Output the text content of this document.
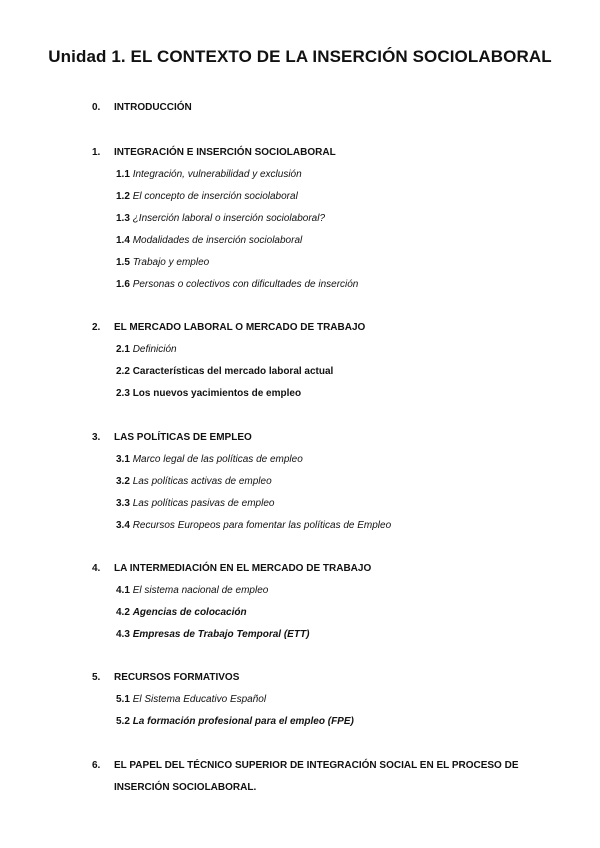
Unidad 1. EL CONTEXTO DE LA INSERCIÓN SOCIOLABORAL
0.	INTRODUCCIÓN
1.	INTEGRACIÓN E INSERCIÓN SOCIOLABORAL
1.1 Integración, vulnerabilidad y exclusión
1.2 El concepto de inserción sociolaboral
1.3 ¿Inserción laboral o inserción sociolaboral?
1.4 Modalidades de inserción sociolaboral
1.5 Trabajo y empleo
1.6 Personas o colectivos con dificultades de inserción
2.	EL MERCADO LABORAL O MERCADO DE TRABAJO
2.1 Definición
2.2 Características del mercado laboral actual
2.3 Los nuevos yacimientos de empleo
3.	LAS POLÍTICAS DE EMPLEO
3.1 Marco legal de las políticas de empleo
3.2 Las políticas activas de empleo
3.3 Las políticas pasivas de empleo
3.4 Recursos Europeos para fomentar las políticas de Empleo
4.	LA INTERMEDIACIÓN EN EL MERCADO DE TRABAJO
4.1 El sistema nacional de empleo
4.2 Agencias de colocación
4.3 Empresas de Trabajo Temporal (ETT)
5.	RECURSOS FORMATIVOS
5.1 El Sistema Educativo Español
5.2 La formación profesional para el empleo (FPE)
6.	EL PAPEL DEL TÉCNICO SUPERIOR DE INTEGRACIÓN SOCIAL EN EL PROCESO DE INSERCIÓN SOCIOLABORAL.
